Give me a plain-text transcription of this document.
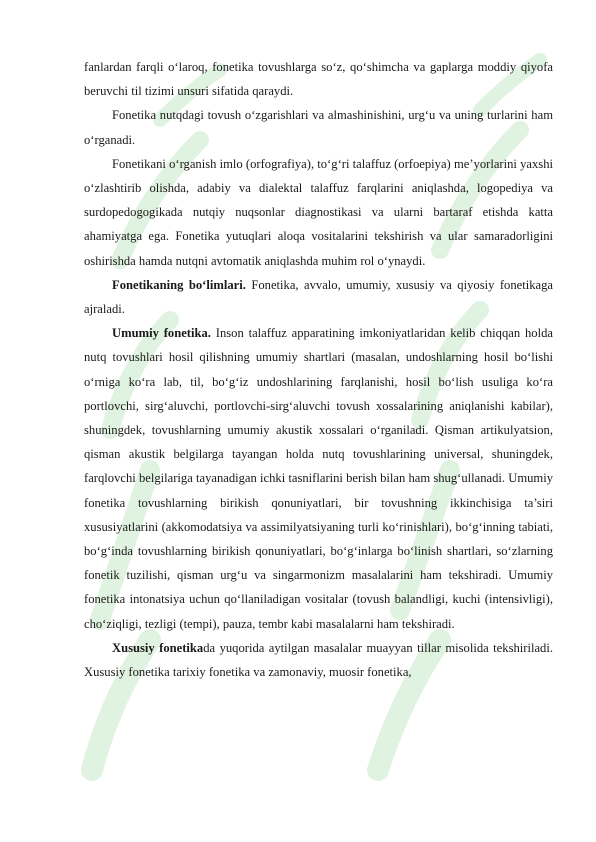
fanlardan farqli o‘laroq, fonetika tovushlarga so‘z, qo‘shimcha va gaplarga moddiy qiyofa beruvchi til tizimi unsuri sifatida qaraydi.

Fonetika nutqdagi tovush o‘zgarishlari va almashinishini, urg‘u va uning turlarini ham o‘rganadi.

Fonetikani o‘rganish imlo (orfografiya), to‘g‘ri talaffuz (orfoepiya) me’yorlarini yaxshi o‘zlashtirib olishda, adabiy va dialektal talaffuz farqlarini aniqlashda, logopediya va surdopedogogikada nutqiy nuqsonlar diagnostikasi va ularni bartaraf etishda katta ahamiyatga ega. Fonetika yutuqlari aloqa vositalarini tekshirish va ular samaradorligini oshirishda hamda nutqni avtomatik aniqlashda muhim rol o‘ynaydi.

Fonetikaning bo‘limlari. Fonetika, avvalo, umumiy, xususiy va qiyosiy fonetikaga ajraladi.

Umumiy fonetika. Inson talaffuz apparatining imkoniyatlaridan kelib chiqqan holda nutq tovushlari hosil qilishning umumiy shartlari (masalan, undoshlarning hosil bo‘lishi o‘rniga ko‘ra lab, til, bo‘g‘iz undoshlarining farqlanishi, hosil bo‘lish usuliga ko‘ra portlovchi, sirg‘aluvchi, portlovchi-sirg‘aluvchi tovush xossalarining aniqlanishi kabilar), shuningdek, tovushlarning umumiy akustik xossalari o‘rganiladi. Qisman artikulyatsion, qisman akustik belgilarga tayangan holda nutq tovushlarining universal, shuningdek, farqlovchi belgilariga tayanadigan ichki tasniflarini berish bilan ham shug‘ullanadi. Umumiy fonetika tovushlarning birikish qonuniyatlari, bir tovushning ikkinchisiga ta’siri xususiyatlarini (akkomodatsiya va assimilyatsiyaning turli ko‘rinishlari), bo‘g‘inning tabiati, bo‘g‘inda tovushlarning birikish qonuniyatlari, bo‘g‘inlarga bo‘linish shartlari, so‘zlarning fonetik tuzilishi, qisman urg‘u va singarmonizm masalalarini ham tekshiradi. Umumiy fonetika intonatsiya uchun qo‘llaniladigan vositalar (tovush balandligi, kuchi (intensivligi), cho‘ziqligi, tezligi (tempi), pauza, tembr kabi masalalarni ham tekshiradi.

Xususiy fonetikada yuqorida aytilgan masalalar muayyan tillar misolida tekshiriladi. Xususiy fonetika tarixiy fonetika va zamonaviy, muosir fonetika,
